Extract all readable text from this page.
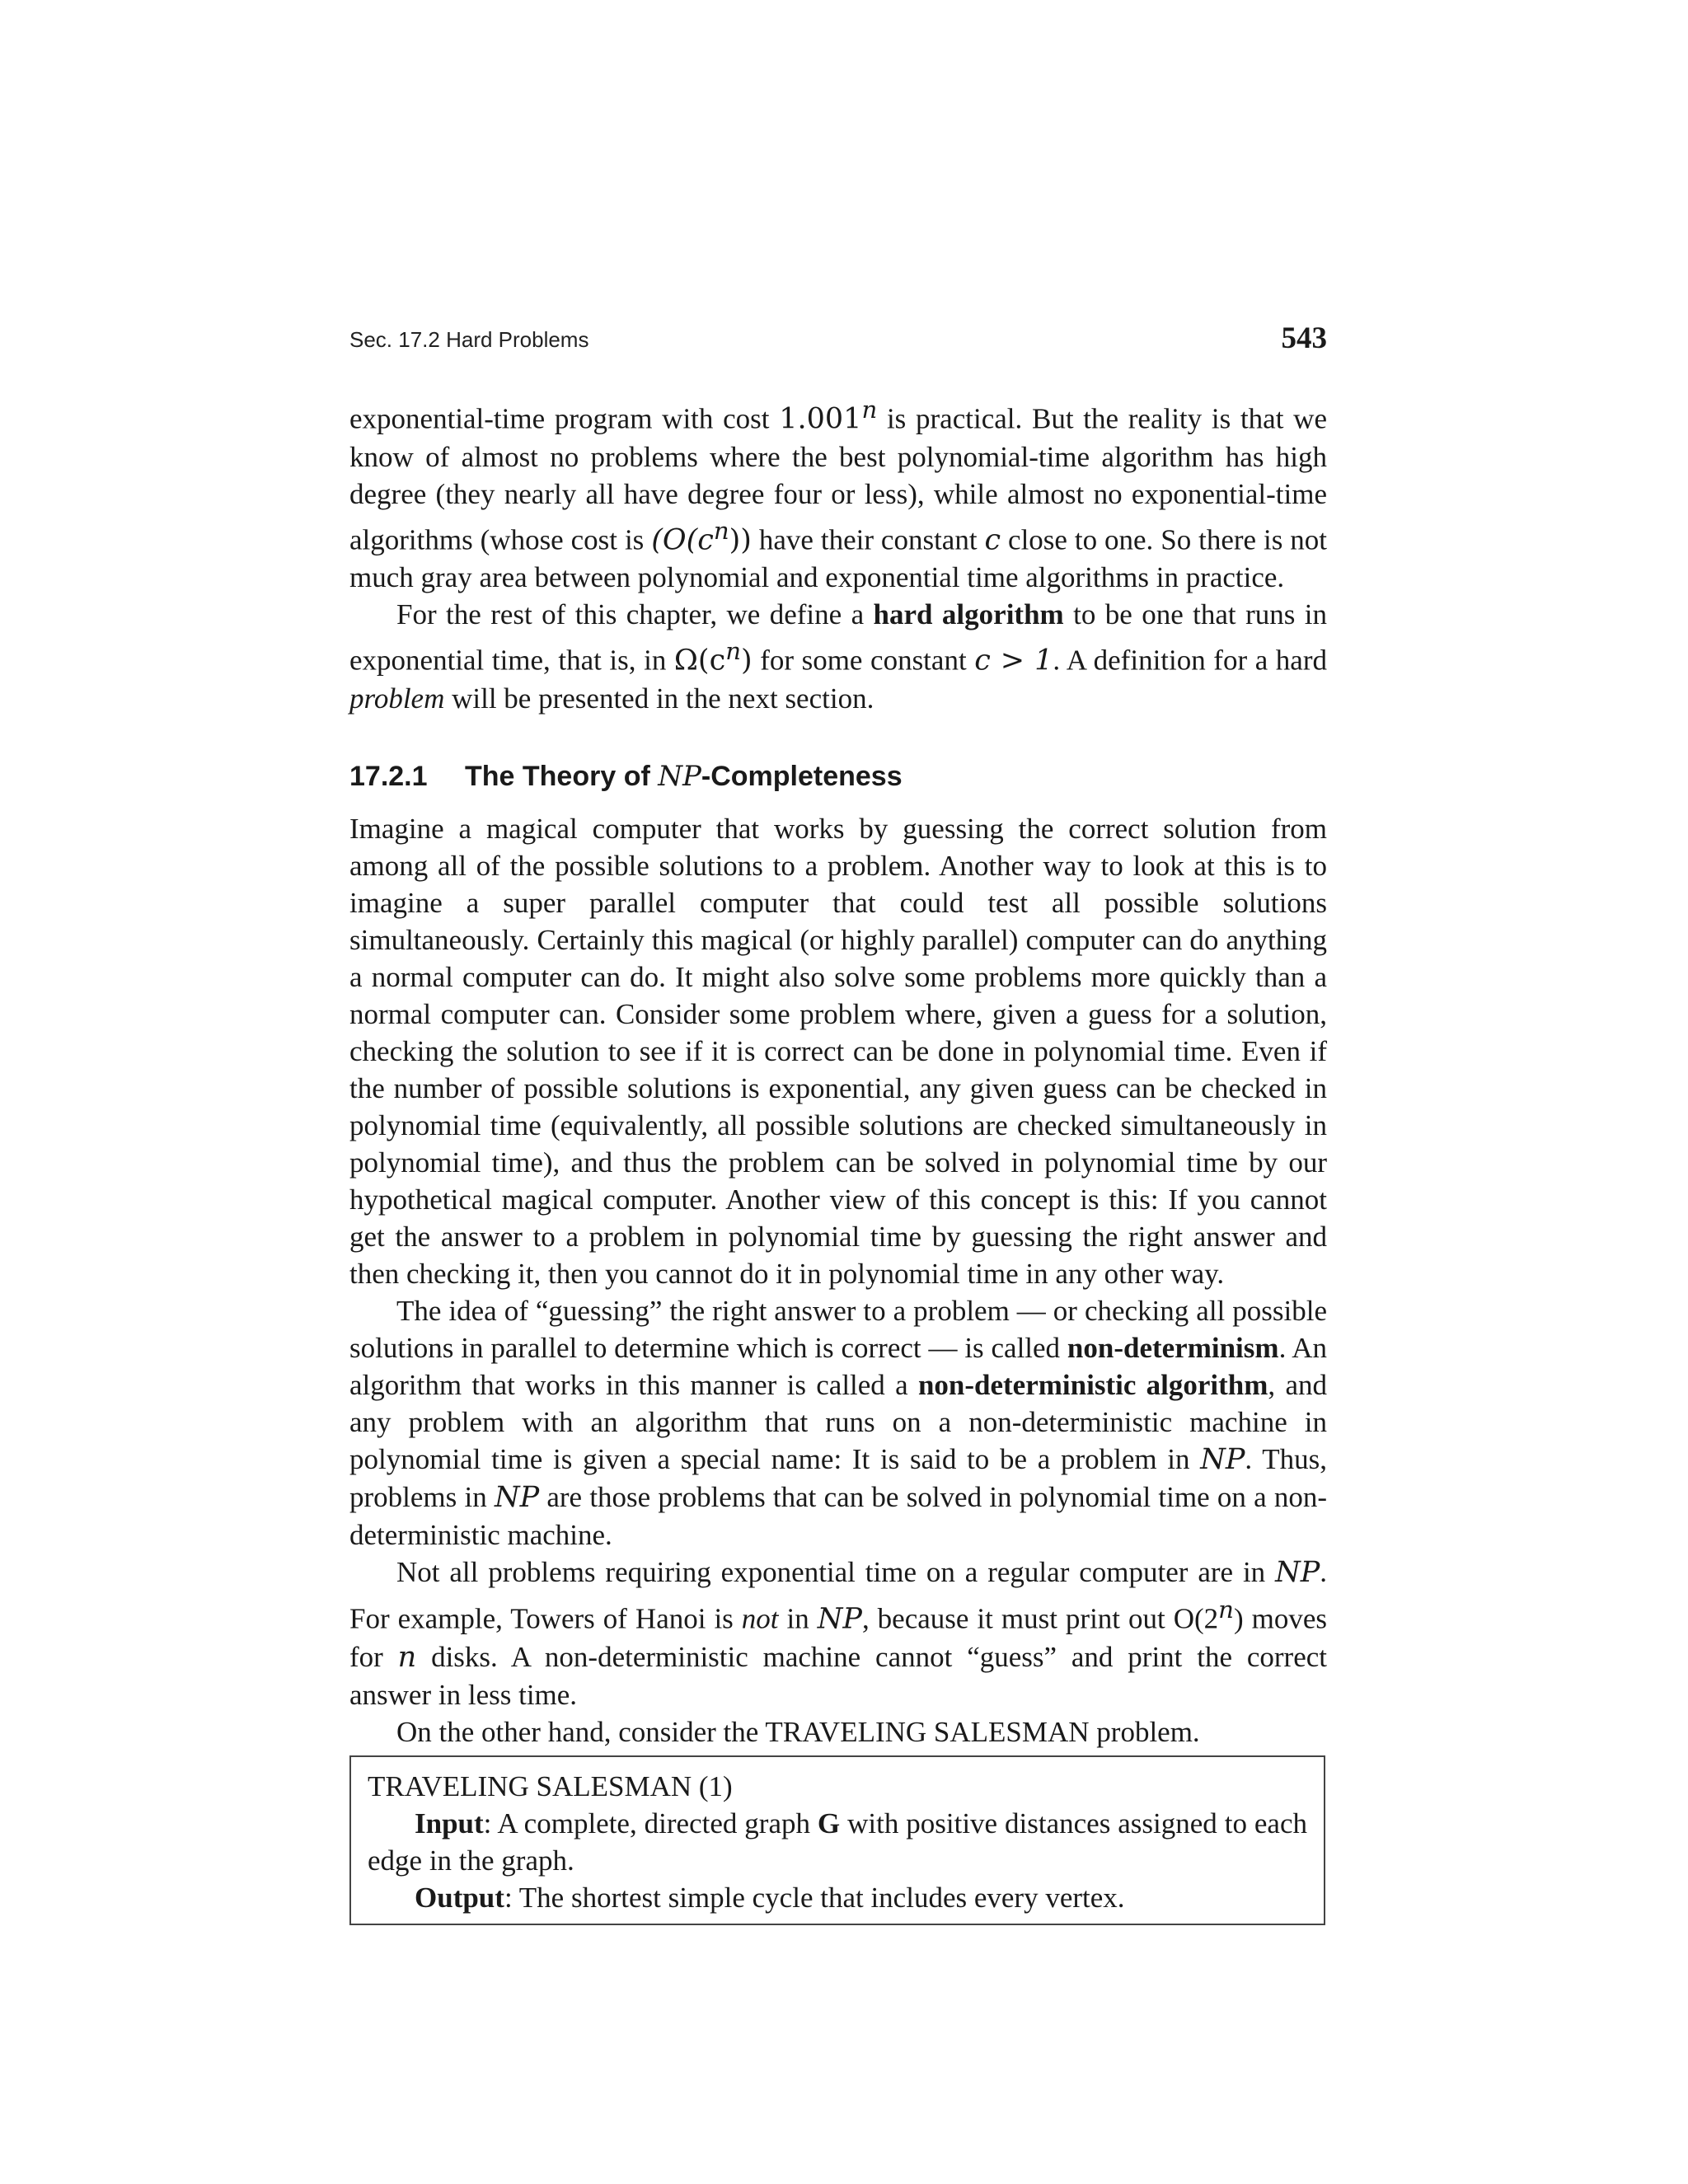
Sec. 17.2 Hard Problems	543

exponential-time program with cost 1.001$^n$ is practical. But the reality is that we know of almost no problems where the best polynomial-time algorithm has high degree (they nearly all have degree four or less), while almost no exponential-time algorithms (whose cost is $(O(c^n))$ have their constant c close to one. So there is not much gray area between polynomial and exponential time algorithms in practice.

For the rest of this chapter, we define a hard algorithm to be one that runs in exponential time, that is, in $\Omega(c^n)$ for some constant c > 1. A definition for a hard problem will be presented in the next section.

17.2.1 The Theory of NP-Completeness

Imagine a magical computer that works by guessing the correct solution from among all of the possible solutions to a problem. Another way to look at this is to imagine a super parallel computer that could test all possible solutions simultaneously. Certainly this magical (or highly parallel) computer can do anything a normal computer can do. It might also solve some problems more quickly than a normal computer can. Consider some problem where, given a guess for a solution, checking the solution to see if it is correct can be done in polynomial time. Even if the number of possible solutions is exponential, any given guess can be checked in polynomial time (equivalently, all possible solutions are checked simultaneously in polynomial time), and thus the problem can be solved in polynomial time by our hypothetical magical computer. Another view of this concept is this: If you cannot get the answer to a problem in polynomial time by guessing the right answer and then checking it, then you cannot do it in polynomial time in any other way.

The idea of “guessing” the right answer to a problem — or checking all possible solutions in parallel to determine which is correct — is called non-determinism. An algorithm that works in this manner is called a non-deterministic algorithm, and any problem with an algorithm that runs on a non-deterministic machine in polynomial time is given a special name: It is said to be a problem in NP. Thus, problems in NP are those problems that can be solved in polynomial time on a non-deterministic machine.

Not all problems requiring exponential time on a regular computer are in NP. For example, Towers of Hanoi is not in NP, because it must print out O(2$^n$) moves for n disks. A non-deterministic machine cannot “guess” and print the correct answer in less time.

On the other hand, consider the TRAVELING SALESMAN problem.

TRAVELING SALESMAN (1)

Input: A complete, directed graph G with positive distances assigned to each edge in the graph.

Output: The shortest simple cycle that includes every vertex.
